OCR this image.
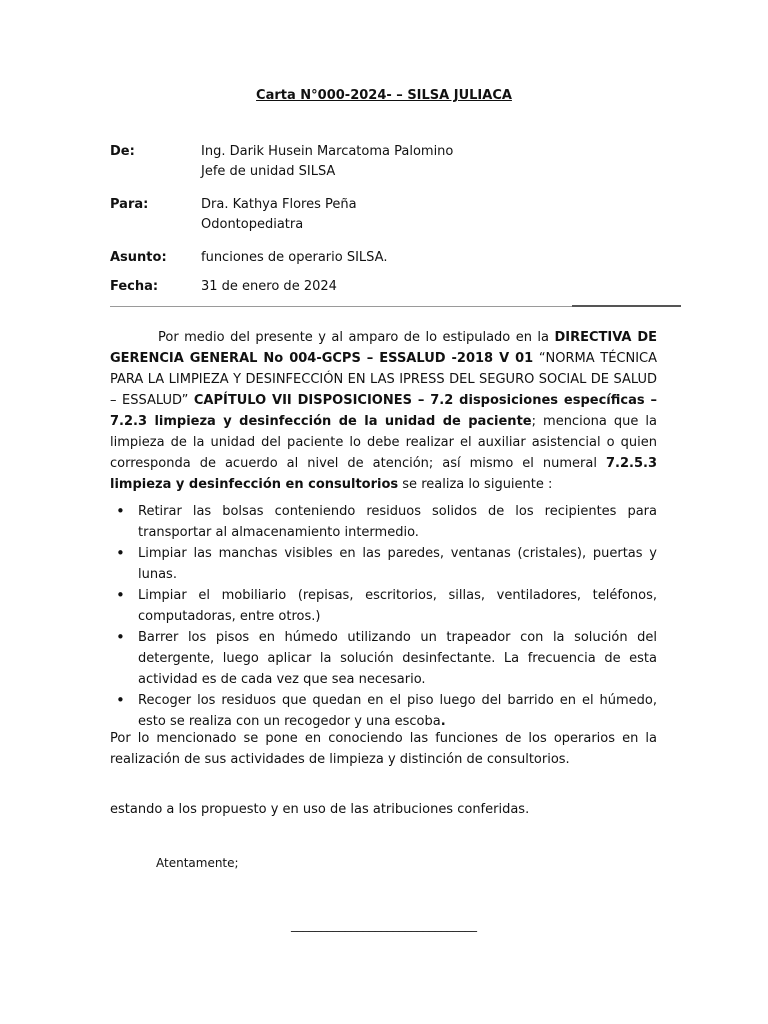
Carta N°000-2024- – SILSA JULIACA
De:	Ing. Darik Husein Marcatoma Palomino
Jefe de unidad SILSA
Para:	Dra. Kathya Flores Peña
Odontopediatra
Asunto:	funciones de operario SILSA.
Fecha:	31 de enero de 2024
Por medio del presente y al amparo de lo estipulado en la DIRECTIVA DE GERENCIA GENERAL No 004-GCPS – ESSALUD -2018 V 01 “NORMA TÉCNICA PARA LA LIMPIEZA Y DESINFECCIÓN EN LAS IPRESS DEL SEGURO SOCIAL DE SALUD – ESSALUD” CAPÍTULO VII DISPOSICIONES – 7.2 disposiciones específicas – 7.2.3 limpieza y desinfección de la unidad de paciente; menciona que la limpieza de la unidad del paciente lo debe realizar el auxiliar asistencial o quien corresponda de acuerdo al nivel de atención; así mismo el numeral 7.2.5.3 limpieza y desinfección en consultorios se realiza lo siguiente :
• Retirar las bolsas conteniendo residuos solidos de los recipientes para transportar al almacenamiento intermedio.
• Limpiar las manchas visibles en las paredes, ventanas (cristales), puertas y lunas.
• Limpiar el mobiliario (repisas, escritorios, sillas, ventiladores, teléfonos, computadoras, entre otros.)
• Barrer los pisos en húmedo utilizando un trapeador con la solución del detergente, luego aplicar la solución desinfectante. La frecuencia de esta actividad es de cada vez que sea necesario.
• Recoger los residuos que quedan en el piso luego del barrido en el húmedo, esto se realiza con un recogedor y una escoba.
Por lo mencionado se pone en conociendo las funciones de los operarios en la realización de sus actividades de limpieza y distinción de consultorios.
estando a los propuesto y en uso de las atribuciones conferidas.
Atentamente;
_______________________________
